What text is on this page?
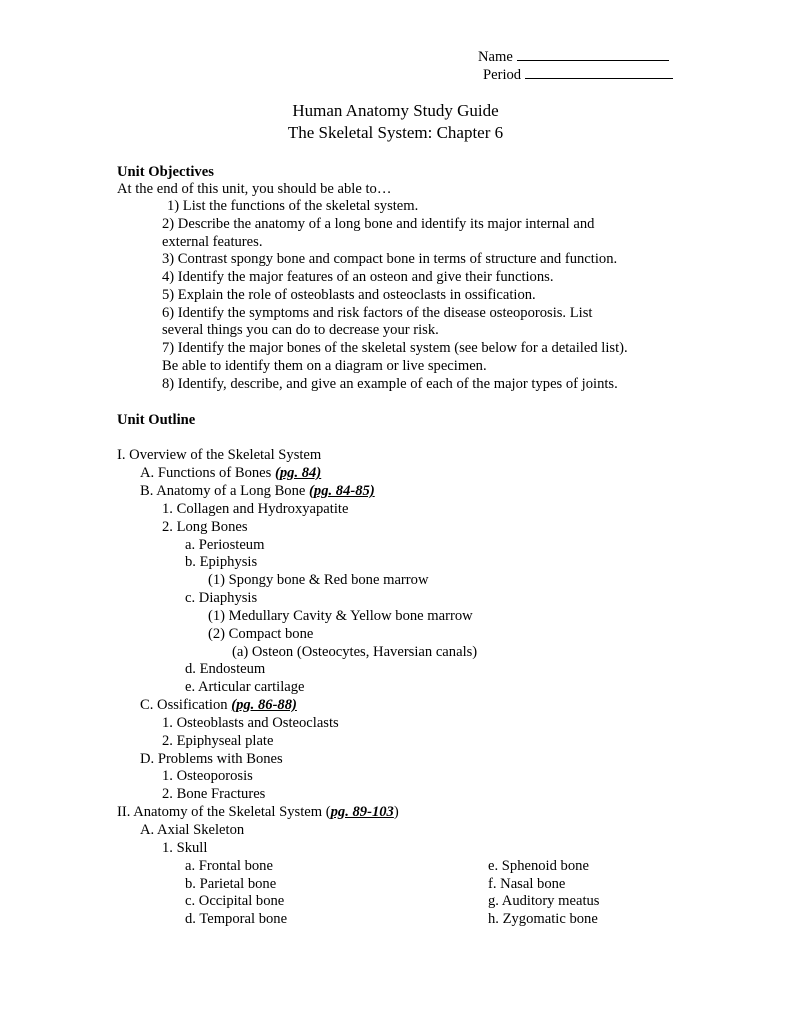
Name
Period
Human Anatomy Study Guide
The Skeletal System: Chapter 6
Unit Objectives
At the end of this unit, you should be able to…
1) List the functions of the skeletal system.
2) Describe the anatomy of a long bone and identify its major internal and
external features.
3) Contrast spongy bone and compact bone in terms of structure and function.
4) Identify the major features of an osteon and give their functions.
5) Explain the role of osteoblasts and osteoclasts in ossification.
6) Identify the symptoms and risk factors of the disease osteoporosis. List
several things you can do to decrease your risk.
7) Identify the major bones of the skeletal system (see below for a detailed list).
Be able to identify them on a diagram or live specimen.
8) Identify, describe, and give an example of each of the major types of joints.
Unit Outline
I. Overview of the Skeletal System
A. Functions of Bones (pg. 84)
B. Anatomy of a Long Bone (pg. 84-85)
1. Collagen and Hydroxyapatite
2. Long Bones
a. Periosteum
b. Epiphysis
(1) Spongy bone & Red bone marrow
c. Diaphysis
(1) Medullary Cavity & Yellow bone marrow
(2) Compact bone
(a) Osteon (Osteocytes, Haversian canals)
d. Endosteum
e. Articular cartilage
C. Ossification (pg. 86-88)
1. Osteoblasts and Osteoclasts
2. Epiphyseal plate
D. Problems with Bones
1. Osteoporosis
2. Bone Fractures
II. Anatomy of the Skeletal System (pg. 89-103)
A. Axial Skeleton
1. Skull
a. Frontal bone
b. Parietal bone
c. Occipital bone
d. Temporal bone
e. Sphenoid bone
f. Nasal bone
g. Auditory meatus
h. Zygomatic bone
